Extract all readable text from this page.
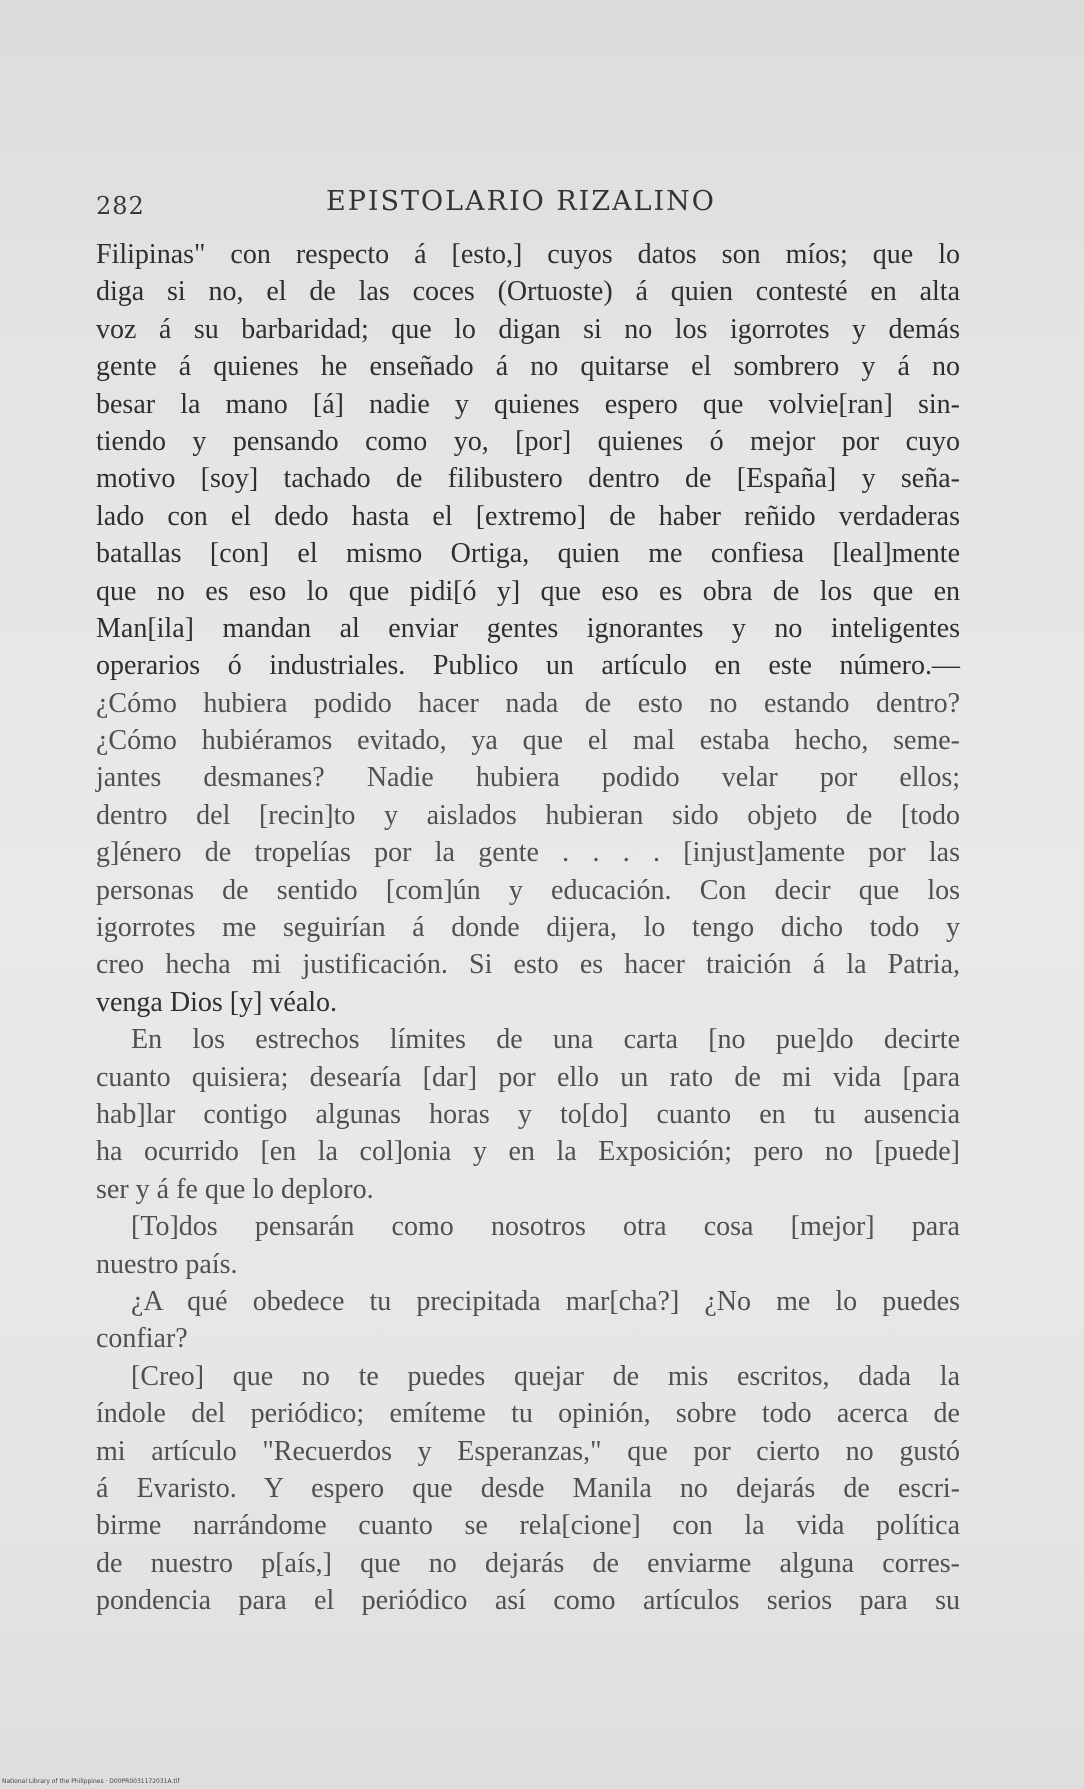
282	EPISTOLARIO RIZALINO
Filipinas" con respecto á [esto,] cuyos datos son míos; que lo
diga si no, el de las coces (Ortuoste) á quien contesté en alta
voz á su barbaridad; que lo digan si no los igorrotes y demás
gente á quienes he enseñado á no quitarse el sombrero y á no
besar la mano [á] nadie y quienes espero que volvie[ran] sin-
tiendo y pensando como yo, [por] quienes ó mejor por cuyo
motivo [soy] tachado de filibustero dentro de [España] y seña-
lado con el dedo hasta el [extremo] de haber reñido verdaderas
batallas [con] el mismo Ortiga, quien me confiesa [leal]mente
que no es eso lo que pidi[ó y] que eso es obra de los que en
Man[ila] mandan al enviar gentes ignorantes y no inteligentes
operarios ó industriales. Publico un artículo en este número.—
¿Cómo hubiera podido hacer nada de esto no estando dentro?
¿Cómo hubiéramos evitado, ya que el mal estaba hecho, seme-
jantes desmanes? Nadie hubiera podido velar por ellos;
dentro del [recin]to y aislados hubieran sido objeto de [todo
g]énero de tropelías por la gente . . . . [injust]amente por las
personas de sentido [com]ún y educación. Con decir que los
igorrotes me seguirían á donde dijera, lo tengo dicho todo y
creo hecha mi justificación. Si esto es hacer traición á la Patria,
venga Dios [y] véalo.
En los estrechos límites de una carta [no pue]do decirte
cuanto quisiera; desearía [dar] por ello un rato de mi vida [para
hab]lar contigo algunas horas y to[do] cuanto en tu ausencia
ha ocurrido [en la col]onia y en la Exposición; pero no [puede]
ser y á fe que lo deploro.
[To]dos pensarán como nosotros otra cosa [mejor] para
nuestro país.
¿A qué obedece tu precipitada mar[cha?] ¿No me lo puedes
confiar?
[Creo] que no te puedes quejar de mis escritos, dada la
índole del periódico; emíteme tu opinión, sobre todo acerca de
mi artículo "Recuerdos y Esperanzas," que por cierto no gustó
á Evaristo. Y espero que desde Manila no dejarás de escri-
birme narrándome cuanto se rela[cione] con la vida política
de nuestro p[aís,] que no dejarás de enviarme alguna corres-
pondencia para el periódico así como artículos serios para su
National Library of the Philippines · D00PR0031172031A.tif
